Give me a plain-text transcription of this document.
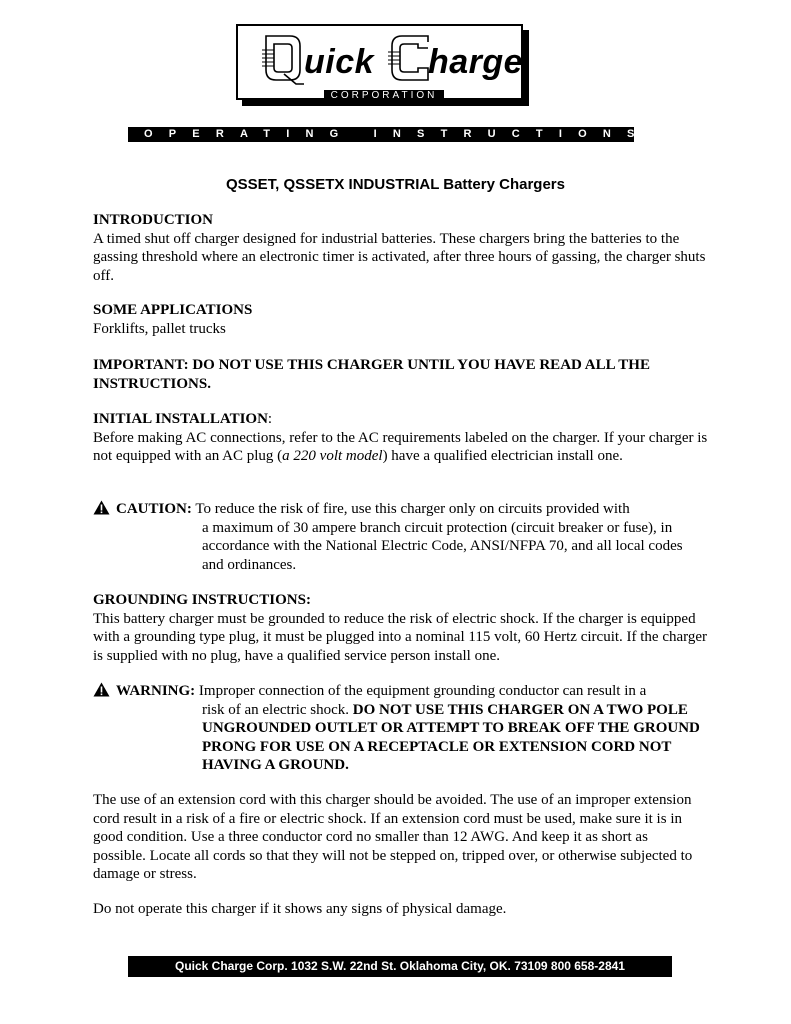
uick harge
CORPORATION
OPERATING INSTRUCTIONS
QSSET, QSSETX INDUSTRIAL Battery Chargers
INTRODUCTION

A timed shut off charger designed for industrial batteries. These chargers bring the batteries to the gassing threshold where an electronic timer is activated, after three hours of gassing, the charger shuts off.

SOME APPLICATIONS

Forklifts, pallet trucks

IMPORTANT: DO NOT USE THIS CHARGER UNTIL YOU HAVE READ ALL THE INSTRUCTIONS.
INITIAL INSTALLATION:

Before making AC connections, refer to the AC requirements labeled on the charger. If your charger is not equipped with an AC plug (a 220 volt model) have a qualified electrician install one.

CAUTION: To reduce the risk of fire, use this charger only on circuits provided with
a maximum of 30 ampere branch circuit protection (circuit breaker or fuse), in accordance with the National Electric Code, ANSI/NFPA 70, and all local codes and ordinances.
GROUNDING INSTRUCTIONS:

This battery charger must be grounded to reduce the risk of electric shock. If the charger is equipped with a grounding type plug, it must be plugged into a nominal 115 volt, 60 Hertz circuit. If the charger is supplied with no plug, have a qualified service person install one.

WARNING: Improper connection of the equipment grounding conductor can result in a
risk of an electric shock. DO NOT USE THIS CHARGER ON A TWO POLE UNGROUNDED OUTLET OR ATTEMPT TO BREAK OFF THE GROUND PRONG FOR USE ON A RECEPTACLE OR EXTENSION CORD NOT HAVING A GROUND.
The use of an extension cord with this charger should be avoided. The use of an improper extension cord result in a risk of a fire or electric shock. If an extension cord must be used, make sure it is in good condition. Use a three conductor cord no smaller than 12 AWG. And keep it as short as possible. Locate all cords so that they will not be stepped on, tripped over, or otherwise subjected to damage or stress.
Do not operate this charger if it shows any signs of physical damage.
Quick Charge Corp. 1032 S.W. 22nd St. Oklahoma City, OK. 73109 800 658-2841
